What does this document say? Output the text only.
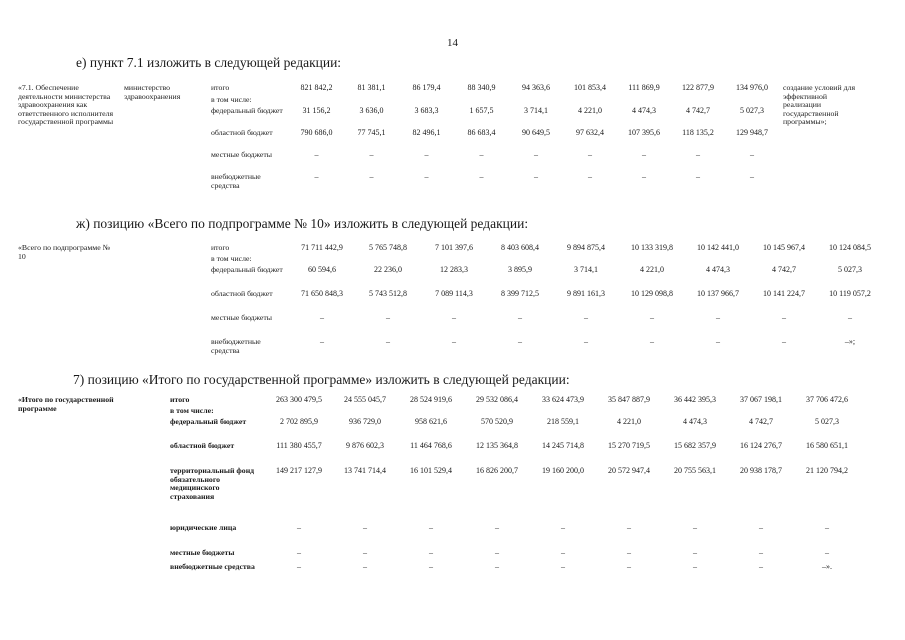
14
е) пункт 7.1 изложить в следующей редакции:
ж) позицию «Всего по подпрограмме № 10» изложить в следующей редакции:
7) позицию «Итого по государственной программе» изложить в следующей редакции:
«7.1. Обеспечение деятельности министерства здравоохранения как ответственного исполнителя государственной программы	министерство здравоохранения	итого	821 842,2	81 381,1	86 179,4	88 340,9	94 363,6	101 853,4	111 869,9	122 877,9	134 976,0	создание условий для эффективной реализации государственной программы»;
		в том числе:										
		федеральный бюджет	31 156,2	3 636,0	3 683,3	1 657,5	3 714,1	4 221,0	4 474,3	4 742,7	5 027,3	
		областной бюджет	790 686,0	77 745,1	82 496,1	86 683,4	90 649,5	97 632,4	107 395,6	118 135,2	129 948,7	
		местные бюджеты	–	–	–	–	–	–	–	–	–	
		внебюджетные средства	–	–	–	–	–	–	–	–	–	
«Всего по подпрограмме № 10	итого	71 711 442,9	5 765 748,8	7 101 397,6	8 403 608,4	9 894 875,4	10 133 319,8	10 142 441,0	10 145 967,4	10 124 084,5
	в том числе:									
	федеральный бюджет	60 594,6	22 236,0	12 283,3	3 895,9	3 714,1	4 221,0	4 474,3	4 742,7	5 027,3
	областной бюджет	71 650 848,3	5 743 512,8	7 089 114,3	8 399 712,5	9 891 161,3	10 129 098,8	10 137 966,7	10 141 224,7	10 119 057,2
	местные бюджеты	–	–	–	–	–	–	–	–	–
	внебюджетные средства	–	–	–	–	–	–	–	–	–»;
«Итого по государственной программе	итого	263 300 479,5	24 555 045,7	28 524 919,6	29 532 086,4	33 624 473,9	35 847 887,9	36 442 395,3	37 067 198,1	37 706 472,6
	в том числе:									
	федеральный бюджет	2 702 895,9	936 729,0	958 621,6	570 520,9	218 559,1	4 221,0	4 474,3	4 742,7	5 027,3
	областной бюджет	111 380 455,7	9 876 602,3	11 464 768,6	12 135 364,8	14 245 714,8	15 270 719,5	15 682 357,9	16 124 276,7	16 580 651,1
	территориальный фонд обязательного медицинского страхования	149 217 127,9	13 741 714,4	16 101 529,4	16 826 200,7	19 160 200,0	20 572 947,4	20 755 563,1	20 938 178,7	21 120 794,2
	юридические лица	–	–	–	–	–	–	–	–	–
	местные бюджеты	–	–	–	–	–	–	–	–	–
	внебюджетные средства	–	–	–	–	–	–	–	–	–».
